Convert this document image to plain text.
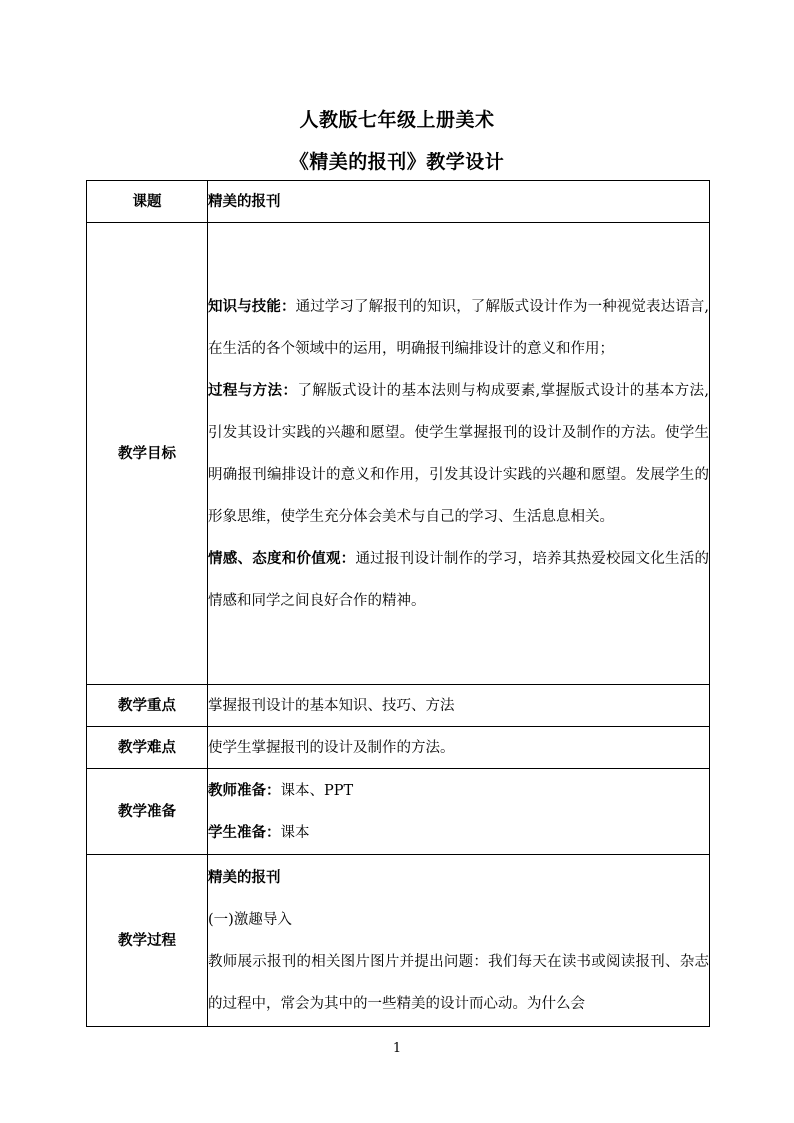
人教版七年级上册美术
《精美的报刊》教学设计
课题	精美的报刊
教学目标	知识与技能：通过学习了解报刊的知识，了解版式设计作为一种视觉表达语言,在生活的各个领域中的运用，明确报刊编排设计的意义和作用；
过程与方法：了解版式设计的基本法则与构成要素,掌握版式设计的基本方法,引发其设计实践的兴趣和愿望。使学生掌握报刊的设计及制作的方法。使学生明确报刊编排设计的意义和作用，引发其设计实践的兴趣和愿望。发展学生的形象思维，使学生充分体会美术与自己的学习、生活息息相关。
情感、态度和价值观：通过报刊设计制作的学习，培养其热爱校园文化生活的情感和同学之间良好合作的精神。

教学重点	掌握报刊设计的基本知识、技巧、方法
教学难点	使学生掌握报刊的设计及制作的方法。
教学准备	教师准备： 课本、PPT
学生准备： 课本

教学过程	精美的报刊
(一)激趣导入
教师展示报刊的相关图片图片并提出问题：我们每天在读书或阅读报刊、杂志的过程中，常会为其中的一些精美的设计而心动。为什么会
1
